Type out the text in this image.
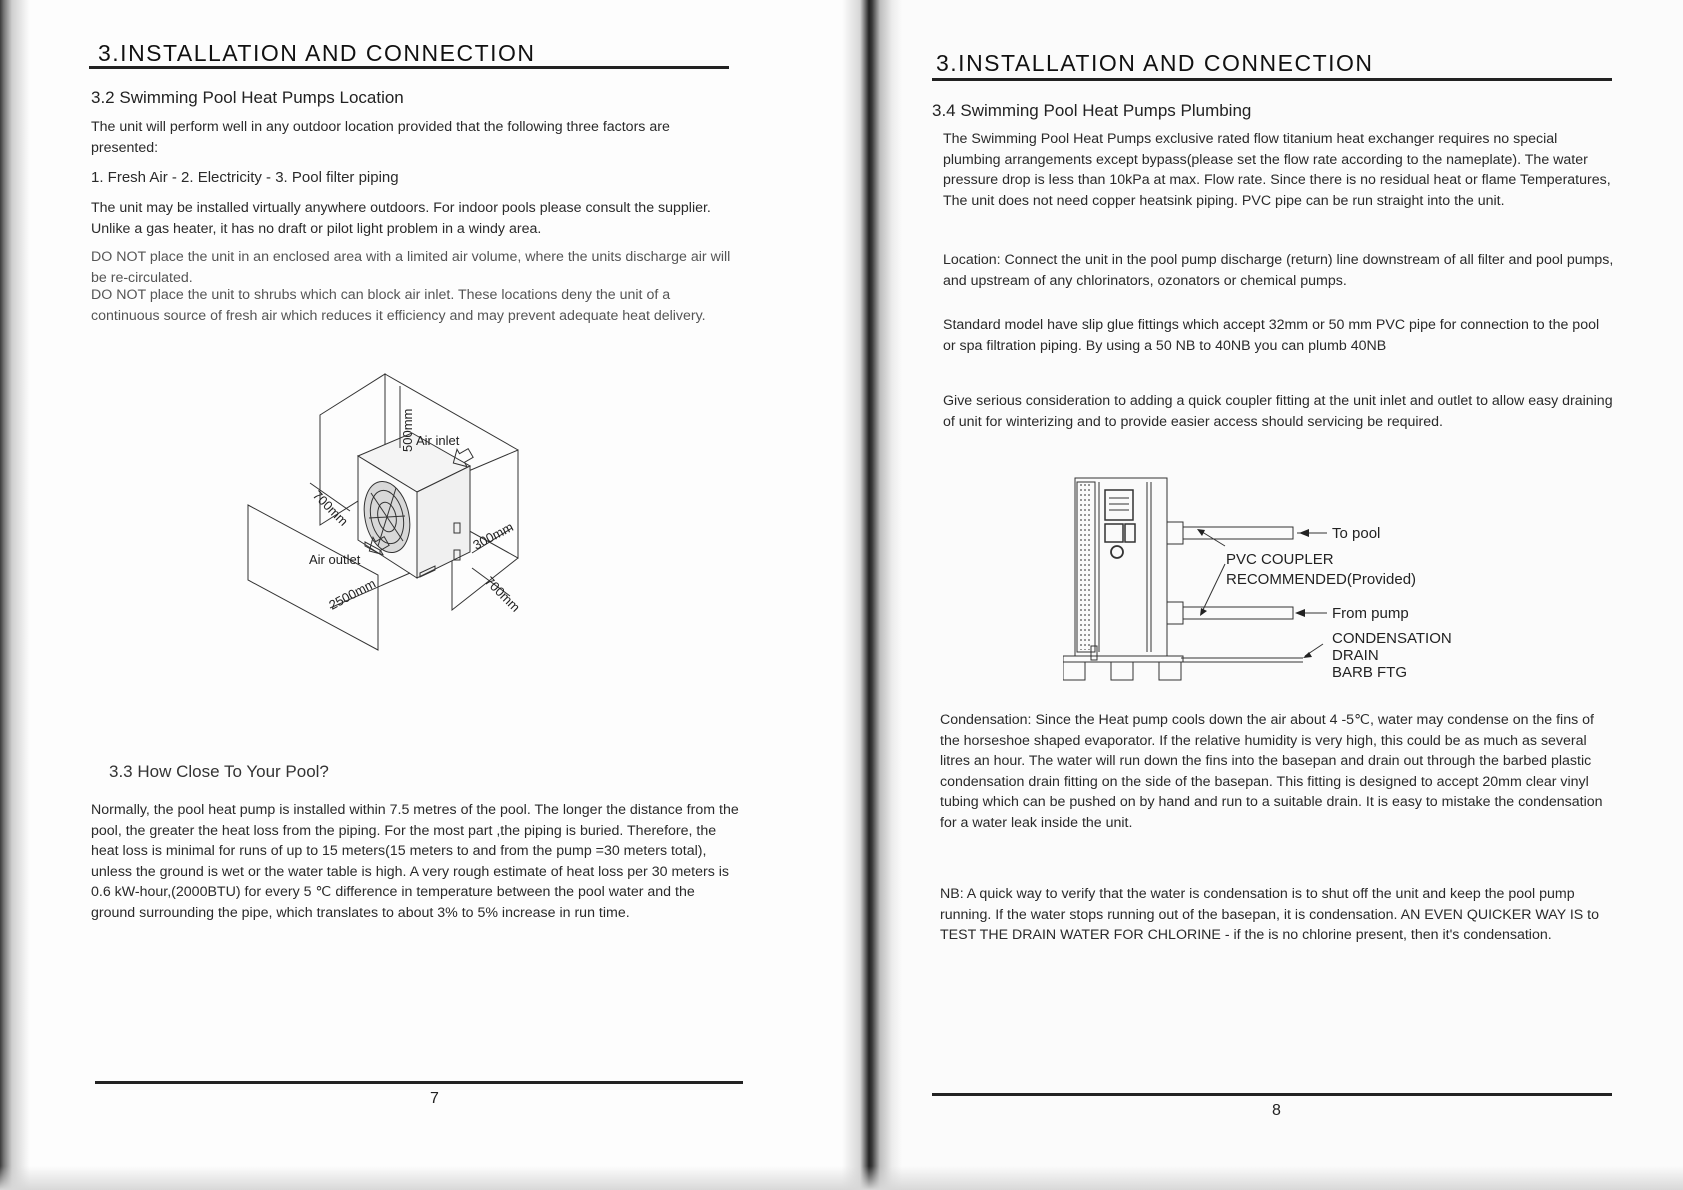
3.INSTALLATION AND CONNECTION
3.2 Swimming Pool Heat Pumps Location

The unit will perform well in any outdoor location provided that the following three factors are presented:

1. Fresh Air - 2. Electricity - 3. Pool filter piping

The unit may be installed virtually anywhere outdoors. For indoor pools please consult the supplier. Unlike a gas heater, it has no draft or pilot light problem in a windy area.

DO NOT place the unit in an enclosed area with a limited air volume, where the units discharge air will be re-circulated.

DO NOT place the unit to shrubs which can block air inlet. These locations deny the unit of a continuous source of fresh air which reduces it efficiency and may prevent adequate heat delivery.

500mm Air inlet
700mm
300mm
Air outlet
2500mm	700mm
3.3 How Close To Your Pool?

Normally, the pool heat pump is installed within 7.5 metres of the pool. The longer the distance from the pool, the greater the heat loss from the piping. For the most part ,the piping is buried. Therefore, the heat loss is minimal for runs of up to 15 meters(15 meters to and from the pump =30 meters total), unless the ground is wet or the water table is high. A very rough estimate of heat loss per 30 meters is 0.6 kW-hour,(2000BTU) for every 5 ℃ difference in temperature between the pool water and the ground surrounding the pipe, which translates to about 3% to 5% increase in run time.

7
3.INSTALLATION AND CONNECTION
3.4 Swimming Pool Heat Pumps Plumbing

The Swimming Pool Heat Pumps exclusive rated flow titanium heat exchanger requires no special plumbing arrangements except bypass(please set the flow rate according to the nameplate). The water pressure drop is less than 10kPa at max. Flow rate. Since there is no residual heat or flame Temperatures, The unit does not need copper heatsink piping. PVC pipe can be run straight into the unit.

Location: Connect the unit in the pool pump discharge (return) line downstream of all filter and pool pumps, and upstream of any chlorinators, ozonators or chemical pumps.

Standard model have slip glue fittings which accept 32mm or 50 mm PVC pipe for connection to the pool or spa filtration piping. By using a 50 NB to 40NB you can plumb 40NB

Give serious consideration to adding a quick coupler fitting at the unit inlet and outlet to allow easy draining of unit for winterizing and to provide easier access should servicing be required.

To pool
PVC COUPLER
RECOMMENDED(Provided)
From pump
CONDENSATION
DRAIN
BARB FTG

Condensation: Since the Heat pump cools down the air about 4 -5℃, water may condense on the fins of the horseshoe shaped evaporator. If the relative humidity is very high, this could be as much as several litres an hour. The water will run down the fins into the basepan and drain out through the barbed plastic condensation drain fitting on the side of the basepan. This fitting is designed to accept 20mm clear vinyl tubing which can be pushed on by hand and run to a suitable drain. It is easy to mistake the condensation for a water leak inside the unit.

NB: A quick way to verify that the water is condensation is to shut off the unit and keep the pool pump running. If the water stops running out of the basepan, it is condensation. AN EVEN QUICKER WAY IS to TEST THE DRAIN WATER FOR CHLORINE - if the is no chlorine present, then it's condensation.

8
